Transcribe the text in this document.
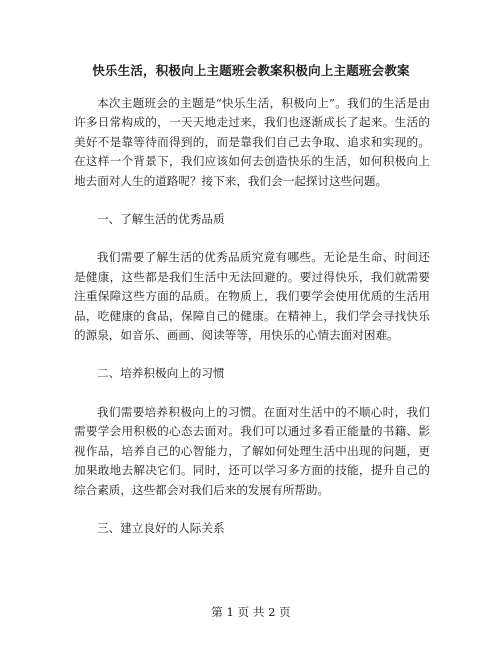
快乐生活，积极向上主题班会教案积极向上主题班会教案

本次主题班会的主题是“快乐生活，积极向上”。我们的生活是由许多日常构成的，一天天地走过来，我们也逐渐成长了起来。生活的美好不是靠等待而得到的，而是靠我们自己去争取、追求和实现的。在这样一个背景下，我们应该如何去创造快乐的生活，如何积极向上地去面对人生的道路呢？接下来，我们会一起探讨这些问题。

一、了解生活的优秀品质

我们需要了解生活的优秀品质究竟有哪些。无论是生命、时间还是健康，这些都是我们生活中无法回避的。要过得快乐，我们就需要注重保障这些方面的品质。在物质上，我们要学会使用优质的生活用品，吃健康的食品，保障自己的健康。在精神上，我们学会寻找快乐的源泉，如音乐、画画、阅读等等，用快乐的心情去面对困难。

二、培养积极向上的习惯

我们需要培养积极向上的习惯。在面对生活中的不顺心时，我们需要学会用积极的心态去面对。我们可以通过多看正能量的书籍、影视作品，培养自己的心智能力，了解如何处理生活中出现的问题，更加果敢地去解决它们。同时，还可以学习多方面的技能，提升自己的综合素质，这些都会对我们后来的发展有所帮助。

三、建立良好的人际关系
第 1 页 共 2 页
